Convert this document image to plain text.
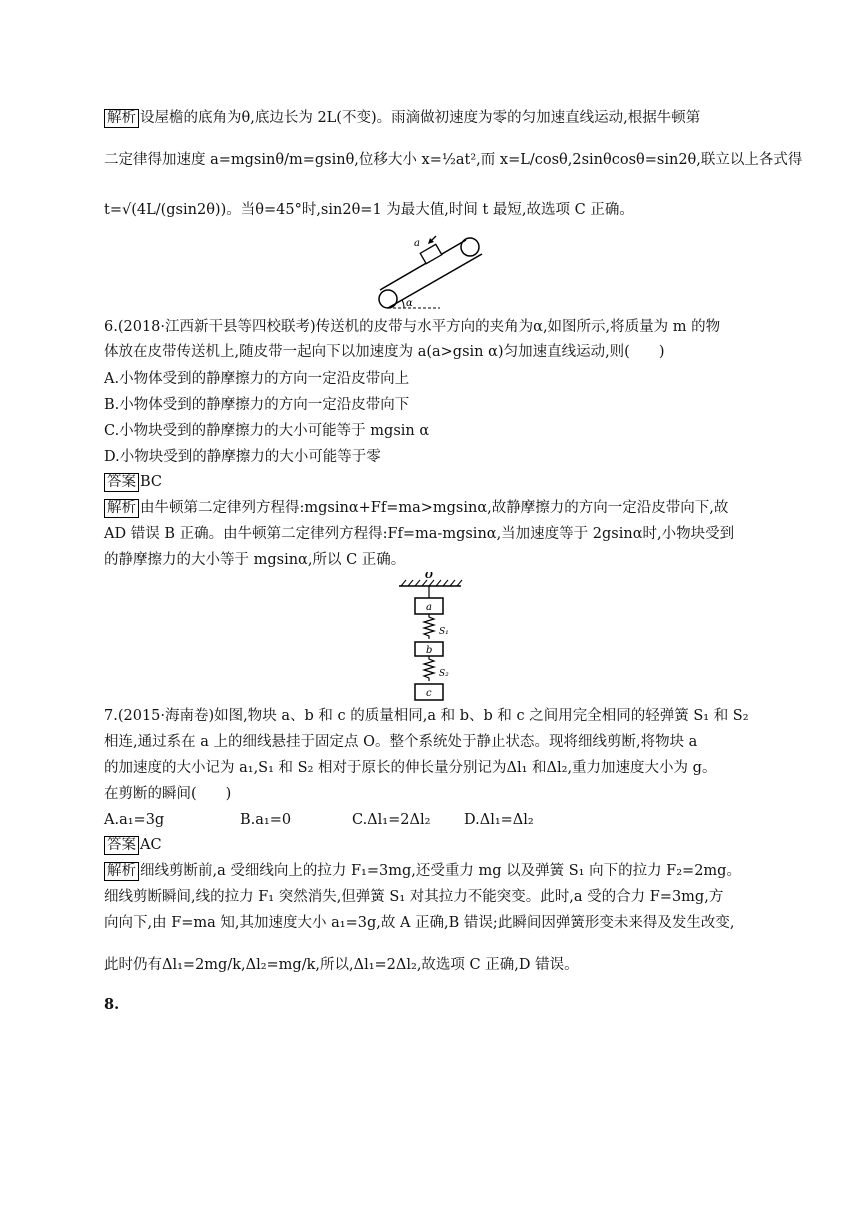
解析 设屋檐的底角为θ,底边长为 2L(不变)。雨滴做初速度为零的匀加速直线运动,根据牛顿第
二定律得加速度 a=mgsinθ/m=gsinθ,位移大小 x=½at²,而 x=L/cosθ,2sinθcosθ=sin2θ,联立以上各式得
t=√(4L/(gsin2θ))。当θ=45°时,sin2θ=1 为最大值,时间 t 最短,故选项 C 正确。
a
α
6.(2018·江西新干县等四校联考)传送机的皮带与水平方向的夹角为α,如图所示,将质量为 m 的物
体放在皮带传送机上,随皮带一起向下以加速度为 a(a>gsin α)匀加速直线运动,则(　　)
A.小物体受到的静摩擦力的方向一定沿皮带向上
B.小物体受到的静摩擦力的方向一定沿皮带向下
C.小物块受到的静摩擦力的大小可能等于 mgsin α
D.小物块受到的静摩擦力的大小可能等于零
答案 BC
解析 由牛顿第二定律列方程得:mgsinα+Ff=ma>mgsinα,故静摩擦力的方向一定沿皮带向下,故
AD 错误 B 正确。由牛顿第二定律列方程得:Ff=ma-mgsinα,当加速度等于 2gsinα时,小物块受到
的静摩擦力的大小等于 mgsinα,所以 C 正确。
O
a
S₁
b
S₂
c
7.(2015·海南卷)如图,物块 a、b 和 c 的质量相同,a 和 b、b 和 c 之间用完全相同的轻弹簧 S₁ 和 S₂
相连,通过系在 a 上的细线悬挂于固定点 O。整个系统处于静止状态。现将细线剪断,将物块 a
的加速度的大小记为 a₁,S₁ 和 S₂ 相对于原长的伸长量分别记为Δl₁ 和Δl₂,重力加速度大小为 g。
在剪断的瞬间(　　)
A.a₁=3g	B.a₁=0	C.Δl₁=2Δl₂ D.Δl₁=Δl₂
答案 AC
解析 细线剪断前,a 受细线向上的拉力 F₁=3mg,还受重力 mg 以及弹簧 S₁ 向下的拉力 F₂=2mg。
细线剪断瞬间,线的拉力 F₁ 突然消失,但弹簧 S₁ 对其拉力不能突变。此时,a 受的合力 F=3mg,方
向向下,由 F=ma 知,其加速度大小 a₁=3g,故 A 正确,B 错误;此瞬间因弹簧形变未来得及发生改变,
此时仍有Δl₁=2mg/k,Δl₂=mg/k,所以,Δl₁=2Δl₂,故选项 C 正确,D 错误。
8.
